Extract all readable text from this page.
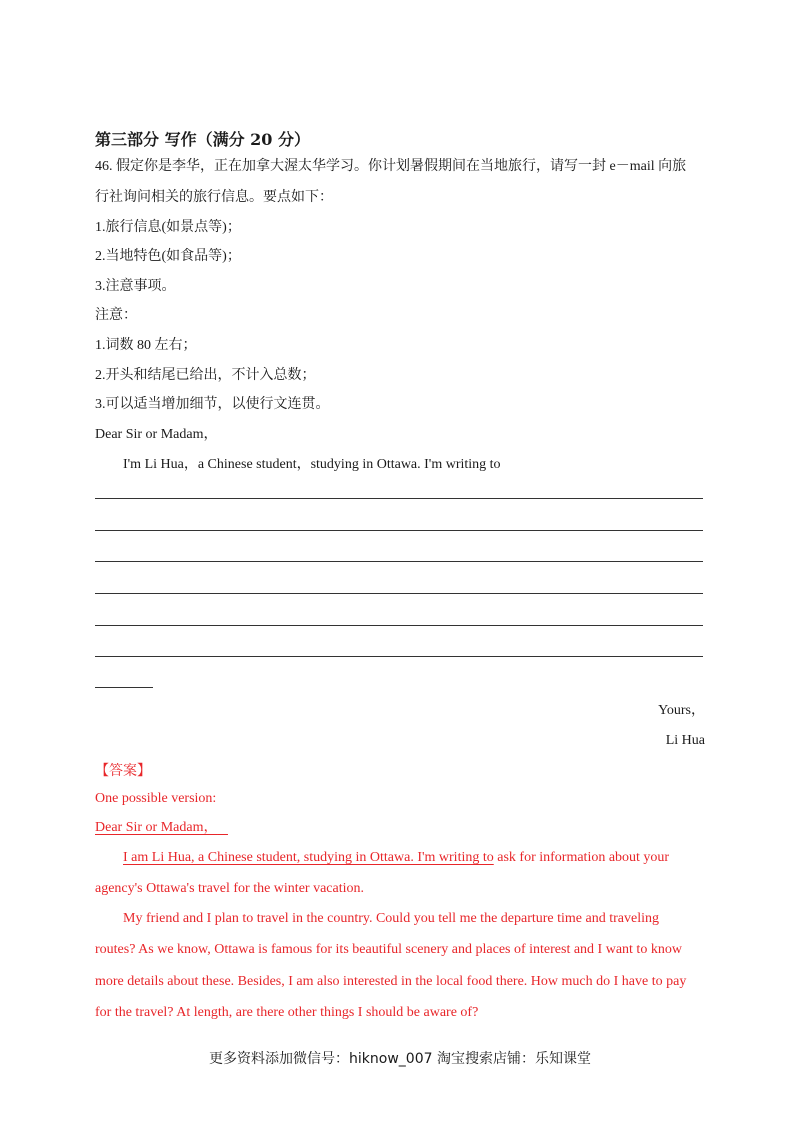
第三部分 写作（满分 20 分）
46. 假定你是李华，正在加拿大渥太华学习。你计划暑假期间在当地旅行，请写一封 e－mail 向旅
行社询问相关的旅行信息。要点如下：
1.旅行信息(如景点等)；
2.当地特色(如食品等)；
3.注意事项。
注意：
1.词数 80 左右；
2.开头和结尾已给出，不计入总数；
3.可以适当增加细节，以使行文连贯。
Dear Sir or Madam，
I'm Li Hua，a Chinese student，studying in Ottawa. I'm writing to
Yours，
Li Hua
【答案】
One possible version:
Dear Sir or Madam，
I am Li Hua, a Chinese student, studying in Ottawa. I'm writing to ask for information about your
agency's Ottawa's travel for the winter vacation.
My friend and I plan to travel in the country. Could you tell me the departure time and traveling
routes? As we know, Ottawa is famous for its beautiful scenery and places of interest and I want to know
more details about these. Besides, I am also interested in the local food there. How much do I have to pay
for the travel? At length, are there other things I should be aware of?
更多资料添加微信号：hiknow_007 淘宝搜索店铺：乐知课堂
